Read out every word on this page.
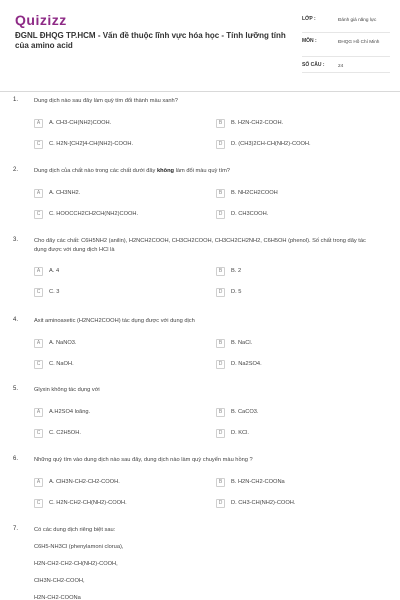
Quizizz
ĐGNL ĐHQG TP.HCM - Vấn đề thuộc lĩnh vực hóa học - Tính lưỡng tính của amino acid
LỚP :	Đánh giá năng lực
MÔN :	ĐHQG Hồ Chí Minh
SỐ CÂU :	24
1.	Dung dịch nào sau đây làm quỳ tím đổi thành màu xanh?
A	A. CH3-CH(NH2)COOH.	B	B. H2N-CH2-COOH.
C	C. H2N-[CH2]4-CH(NH2)-COOH.	D	D. (CH3)2CH-CH(NH2)-COOH.
2.	Dung dịch của chất nào trong các chất dưới đây không làm đổi màu quỳ tím?
A	A. CH3NH2.	B	B. NH2CH2COOH
C	C. HOOCCH2CH2CH(NH2)COOH.	D	D. CH3COOH.
3.	Cho dãy các chất: C6H5NH2 (anilin), H2NCH2COOH, CH3CH2COOH, CH3CH2CH2NH2, C6H5OH (phenol). Số chất trong dãy tác dụng được với dung dịch HCl là
A	A. 4	B	B. 2
C	C. 3	D	D. 5
4.	Axit aminoaxetic (H2NCH2COOH) tác dụng được với dung dịch
A	A. NaNO3.	B	B. NaCl.
C	C. NaOH.	D	D. Na2SO4.
5.	Glyxin không tác dụng với
A	A.H2SO4 loãng.	B	B. CaCO3.
C	C. C2H5OH.	D	D. KCl.
6.	Những quỳ tím vào dung dịch nào sau đây, dung dịch nào làm quỳ chuyển màu hồng ?
A	A. ClH3N-CH2-CH2-COOH.	B	B. H2N-CH2-COONa
C	C. H2N-CH2-CH(NH2)-COOH.	D	D. CH3-CH(NH2)-COOH.
7.	Có các dung dịch riêng biệt sau:
C6H5-NH3Cl (phenylamoni clorua),
H2N-CH2-CH2-CH(NH2)-COOH,
ClH3N-CH2-COOH,
H2N-CH2-COONa
